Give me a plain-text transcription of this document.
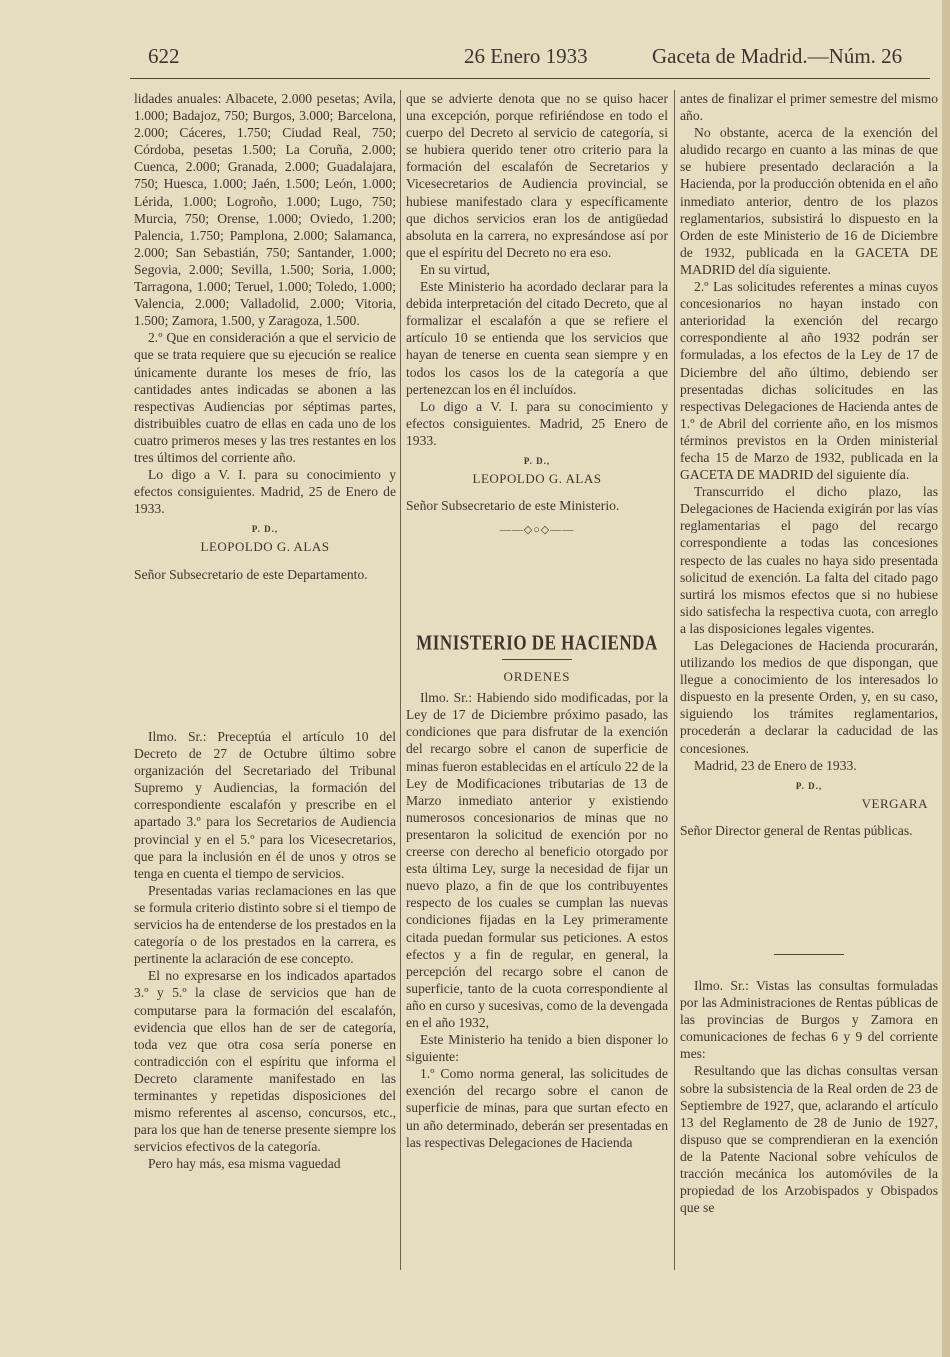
622	26 Enero 1933	Gaceta de Madrid.—Núm. 26

lidades anuales: Albacete, 2.000 pesetas; Avila, 1.000; Badajoz, 750; Burgos, 3.000; Barcelona, 2.000; Cáceres, 1.750; Ciudad Real, 750; Córdoba, pesetas 1.500; La Coruña, 2.000; Cuenca, 2.000; Granada, 2.000; Guadalajara, 750; Huesca, 1.000; Jaén, 1.500; León, 1.000; Lérida, 1.000; Logroño, 1.000; Lugo, 750; Murcia, 750; Orense, 1.000; Oviedo, 1.200; Palencia, 1.750; Pamplona, 2.000; Salamanca, 2.000; San Sebastián, 750; Santander, 1.000; Segovia, 2.000; Sevilla, 1.500; Soria, 1.000; Tarragona, 1.000; Teruel, 1.000; Toledo, 1.000; Valencia, 2.000; Valladolid, 2.000; Vitoria, 1.500; Zamora, 1.500, y Zaragoza, 1.500.

2.º Que en consideración a que el servicio de que se trata requiere que su ejecución se realice únicamente durante los meses de frío, las cantidades antes indicadas se abonen a las respectivas Audiencias por séptimas partes, distribuibles cuatro de ellas en cada uno de los cuatro primeros meses y las tres restantes en los tres últimos del corriente año.

Lo digo a V. I. para su conocimiento y efectos consiguientes. Madrid, 25 de Enero de 1933.

P. D.,
LEOPOLDO G. ALAS

Señor Subsecretario de este Departamento.

Ilmo. Sr.: Preceptúa el artículo 10 del Decreto de 27 de Octubre último sobre organización del Secretariado del Tribunal Supremo y Audiencias, la formación del correspondiente escalafón y prescribe en el apartado 3.º para los Secretarios de Audiencia provincial y en el 5.º para los Vicesecretarios, que para la inclusión en él de unos y otros se tenga en cuenta el tiempo de servicios.

Presentadas varias reclamaciones en las que se formula criterio distinto sobre si el tiempo de servicios ha de entenderse de los prestados en la categoría o de los prestados en la carrera, es pertinente la aclaración de ese concepto.

El no expresarse en los indicados apartados 3.º y 5.º la clase de servicios que han de computarse para la formación del escalafón, evidencia que ellos han de ser de categoría, toda vez que otra cosa sería ponerse en contradicción con el espíritu que informa el Decreto claramente manifestado en las terminantes y repetidas disposiciones del mismo referentes al ascenso, concursos, etc., para los que han de tenerse presente siempre los servicios efectivos de la categoría.

Pero hay más, esa misma vaguedad

que se advierte denota que no se quiso hacer una excepción, porque refiriéndose en todo el cuerpo del Decreto al servicio de categoría, si se hubiera querido tener otro criterio para la formación del escalafón de Secretarios y Vicesecretarios de Audiencia provincial, se hubiese manifestado clara y específicamente que dichos servicios eran los de antigüedad absoluta en la carrera, no expresándose así por que el espíritu del Decreto no era eso.

En su virtud,

Este Ministerio ha acordado declarar para la debida interpretación del citado Decreto, que al formalizar el escalafón a que se refiere el artículo 10 se entienda que los servicios que hayan de tenerse en cuenta sean siempre y en todos los casos los de la categoría a que pertenezcan los en él incluídos.

Lo digo a V. I. para su conocimiento y efectos consiguientes. Madrid, 25 Enero de 1933.

P. D.,
LEOPOLDO G. ALAS

Señor Subsecretario de este Ministerio.

——◇○◇——
MINISTERIO DE HACIENDA
ORDENES

Ilmo. Sr.: Habiendo sido modificadas, por la Ley de 17 de Diciembre próximo pasado, las condiciones que para disfrutar de la exención del recargo sobre el canon de superficie de minas fueron establecidas en el artículo 22 de la Ley de Modificaciones tributarias de 13 de Marzo inmediato anterior y existiendo numerosos concesionarios de minas que no presentaron la solicitud de exención por no creerse con derecho al beneficio otorgado por esta última Ley, surge la necesidad de fijar un nuevo plazo, a fin de que los contribuyentes respecto de los cuales se cumplan las nuevas condiciones fijadas en la Ley primeramente citada puedan formular sus peticiones. A estos efectos y a fin de regular, en general, la percepción del recargo sobre el canon de superficie, tanto de la cuota correspondiente al año en curso y sucesivas, como de la devengada en el año 1932,

Este Ministerio ha tenido a bien disponer lo siguiente:

1.º Como norma general, las solicitudes de exención del recargo sobre el canon de superficie de minas, para que surtan efecto en un año determinado, deberán ser presentadas en las respectivas Delegaciones de Hacienda

antes de finalizar el primer semestre del mismo año.

No obstante, acerca de la exención del aludido recargo en cuanto a las minas de que se hubiere presentado declaración a la Hacienda, por la producción obtenida en el año inmediato anterior, dentro de los plazos reglamentarios, subsistirá lo dispuesto en la Orden de este Ministerio de 16 de Diciembre de 1932, publicada en la GACETA DE MADRID del día siguiente.

2.º Las solicitudes referentes a minas cuyos concesionarios no hayan instado con anterioridad la exención del recargo correspondiente al año 1932 podrán ser formuladas, a los efectos de la Ley de 17 de Diciembre del año último, debiendo ser presentadas dichas solicitudes en las respectivas Delegaciones de Hacienda antes de 1.º de Abril del corriente año, en los mismos términos previstos en la Orden ministerial fecha 15 de Marzo de 1932, publicada en la GACETA DE MADRID del siguiente día.

Transcurrido el dicho plazo, las Delegaciones de Hacienda exigirán por las vías reglamentarias el pago del recargo correspondiente a todas las concesiones respecto de las cuales no haya sido presentada solicitud de exención. La falta del citado pago surtirá los mismos efectos que si no hubiese sido satisfecha la respectiva cuota, con arreglo a las disposiciones legales vigentes.

Las Delegaciones de Hacienda procurarán, utilizando los medios de que dispongan, que llegue a conocimiento de los interesados lo dispuesto en la presente Orden, y, en su caso, siguiendo los trámites reglamentarios, procederán a declarar la caducidad de las concesiones.

Madrid, 23 de Enero de 1933.

P. D.,
VERGARA

Señor Director general de Rentas públicas.

Ilmo. Sr.: Vistas las consultas formuladas por las Administraciones de Rentas públicas de las provincias de Burgos y Zamora en comunicaciones de fechas 6 y 9 del corriente mes:

Resultando que las dichas consultas versan sobre la subsistencia de la Real orden de 23 de Septiembre de 1927, que, aclarando el artículo 13 del Reglamento de 28 de Junio de 1927, dispuso que se comprendieran en la exención de la Patente Nacional sobre vehículos de tracción mecánica los automóviles de la propiedad de los Arzobispados y Obispados que se
